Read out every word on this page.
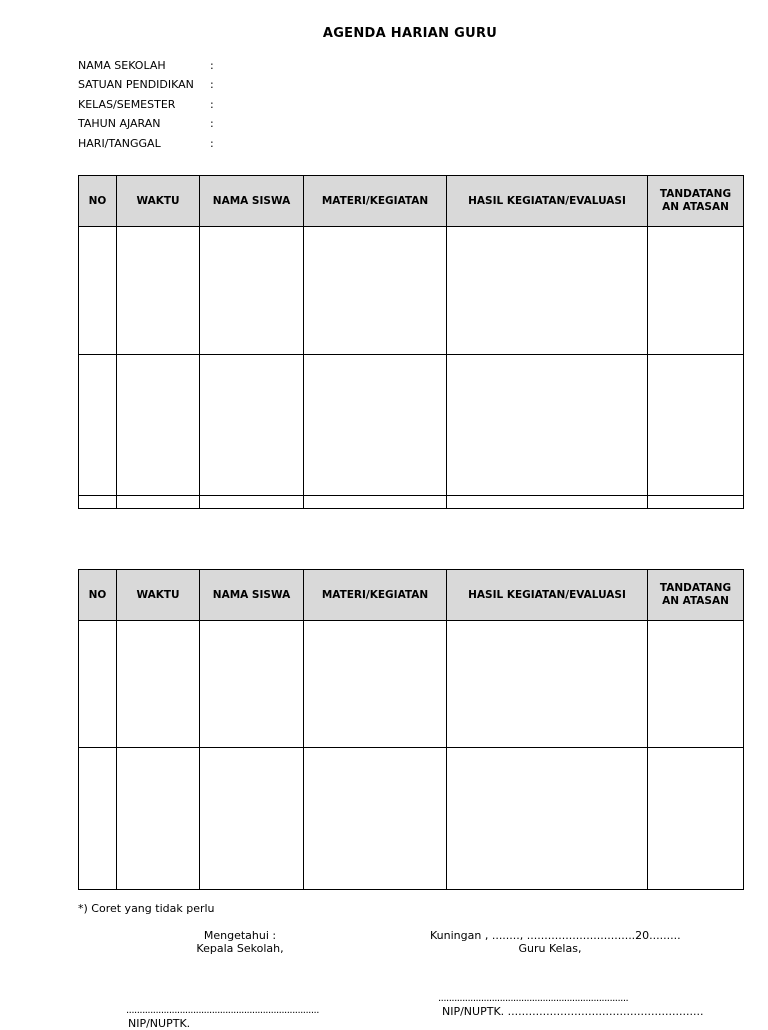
AGENDA HARIAN GURU
NAMA SEKOLAH	:
SATUAN PENDIDIKAN :
KELAS/SEMESTER	:
TAHUN AJARAN	:
HARI/TANGGAL	:
NO	WAKTU	NAMA SISWA	MATERI/KEGIATAN	HASIL KEGIATAN/EVALUASI	TANDATANG AN ATASAN

NO	WAKTU	NAMA SISWA	MATERI/KEGIATAN	HASIL KEGIATAN/EVALUASI	TANDATANG AN ATASAN

*) Coret yang tidak perlu
Mengetahui :
Kepala Sekolah,
........................................................................
NIP/NUPTK.
Kuningan , ........, ...............................20.........
Guru Kelas,
.......................................................................
NIP/NUPTK. ........................................................
